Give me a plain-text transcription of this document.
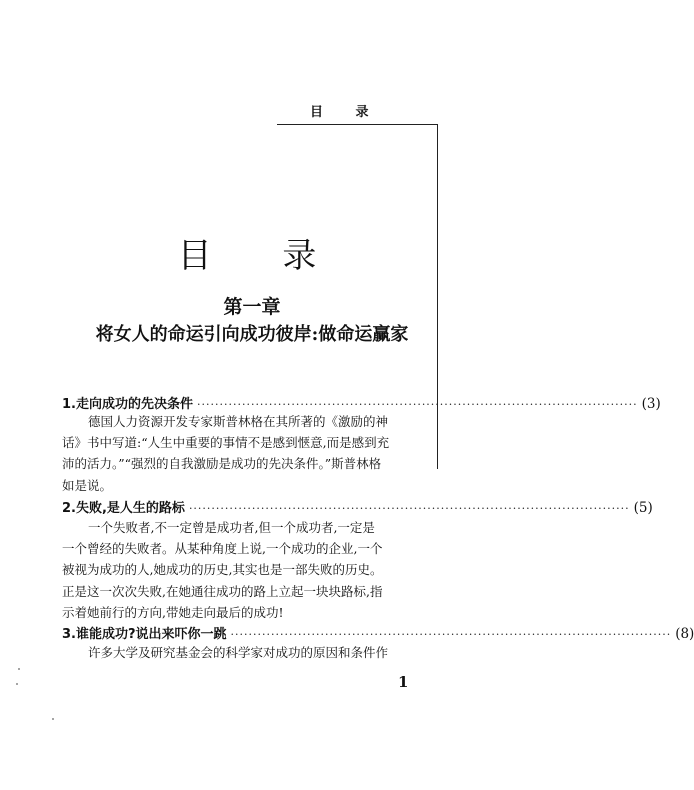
目 录
目 录
第一章
将女人的命运引向成功彼岸:做命运赢家
1.走向成功的先决条件 ·································································································· (3)
德国人力资源开发专家斯普林格在其所著的《激励的神
话》书中写道:“人生中重要的事情不是感到惬意,而是感到充
沛的活力。”“强烈的自我激励是成功的先决条件。”斯普林格
如是说。
2.失败,是人生的路标 ·································································································· (5)
一个失败者,不一定曾是成功者,但一个成功者,一定是
一个曾经的失败者。从某种角度上说,一个成功的企业,一个
被视为成功的人,她成功的历史,其实也是一部失败的历史。
正是这一次次失败,在她通往成功的路上立起一块块路标,指
示着她前行的方向,带她走向最后的成功!
3.谁能成功?说出来吓你一跳 ·································································································· (8)
许多大学及研究基金会的科学家对成功的原因和条件作
1
